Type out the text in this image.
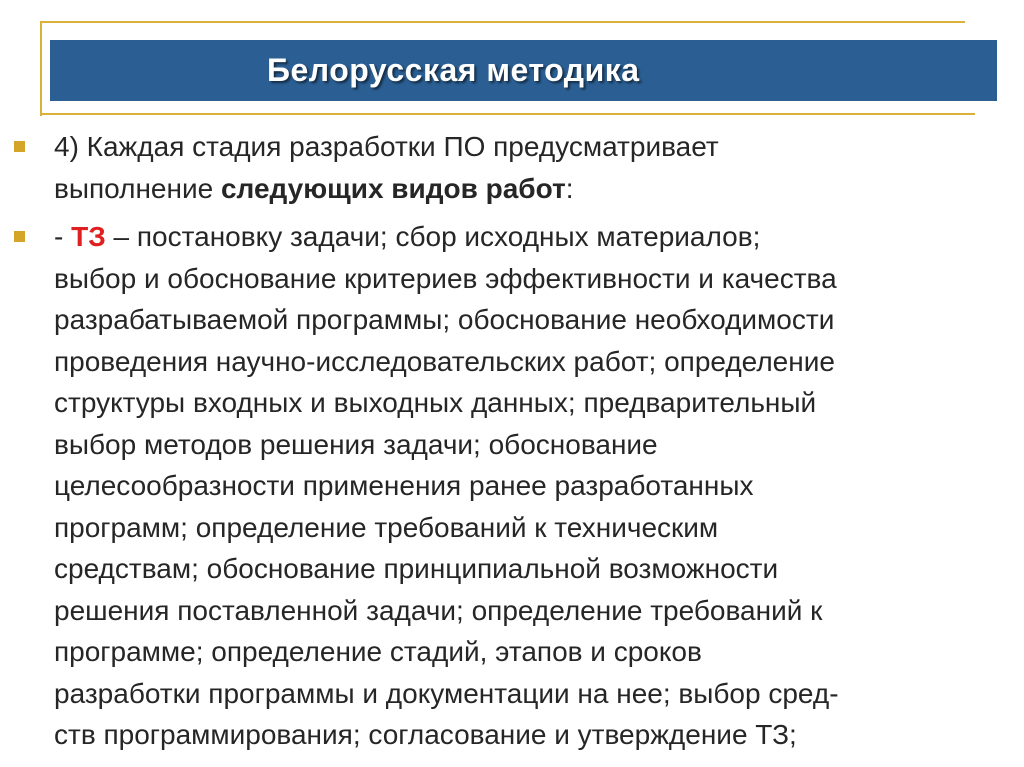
Белорусская методика

4) Каждая стадия разработки ПО предусматривает
выполнение следующих видов работ:

- ТЗ – постановку задачи; сбор исходных материалов;
выбор и обоснование критериев эффективности и качества
разрабатываемой программы; обоснование необходимости
проведения научно-исследовательских работ; определение
структуры входных и выходных данных; предварительный
выбор методов решения задачи; обоснование
целесообразности применения ранее разработанных
программ; определение требований к техническим
средствам; обоснование принципиальной возможности
решения поставленной задачи; определение требований к
программе; определение стадий, этапов и сроков
разработки программы и документации на нее; выбор сред-
ств программирования; согласование и утверждение ТЗ;
